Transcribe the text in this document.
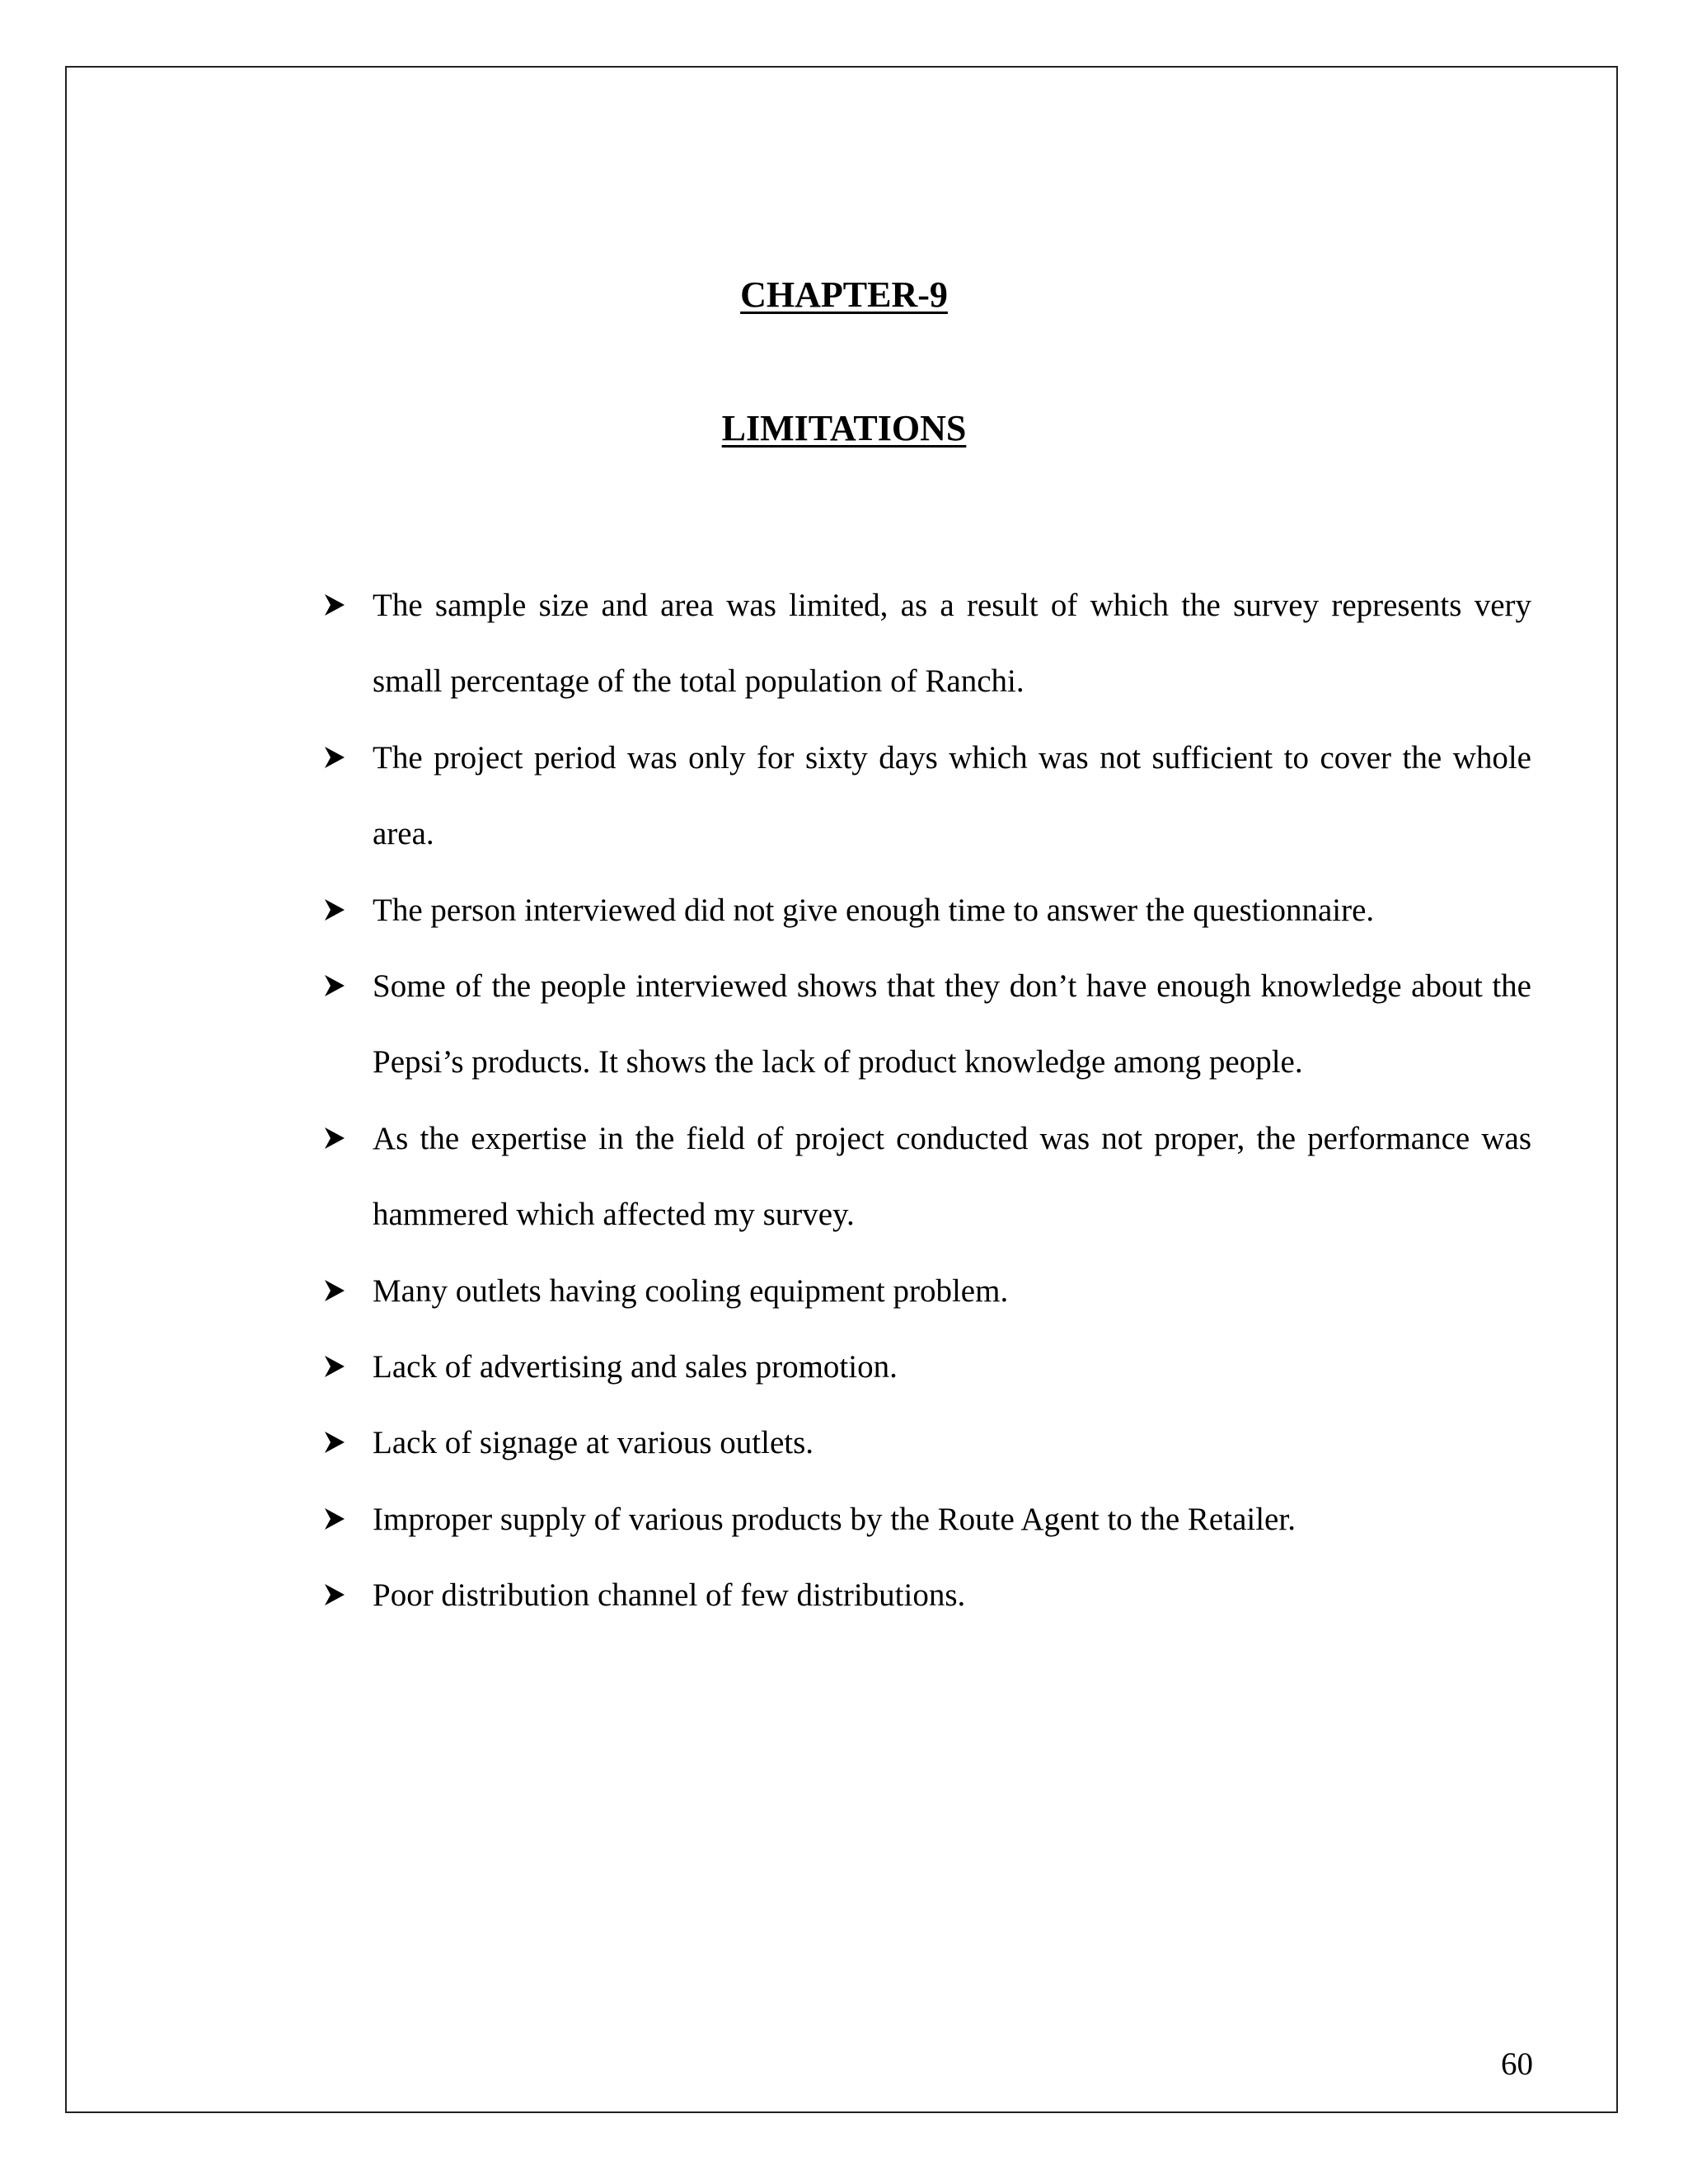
CHAPTER-9
LIMITATIONS
The sample size and area was limited, as a result of which the survey represents very small percentage of the total population of Ranchi.
The project period was only for sixty days which was not sufficient to cover the whole area.
The person interviewed did not give enough time to answer the questionnaire.
Some of the people interviewed shows that they don’t have enough knowledge about the Pepsi’s products. It shows the lack of product knowledge among people.
As the expertise in the field of project conducted was not proper, the performance was hammered which affected my survey.
Many outlets having cooling equipment problem.
Lack of advertising and sales promotion.
Lack of signage at various outlets.
Improper supply of various products by the Route Agent to the Retailer.
Poor distribution channel of few distributions.
60
